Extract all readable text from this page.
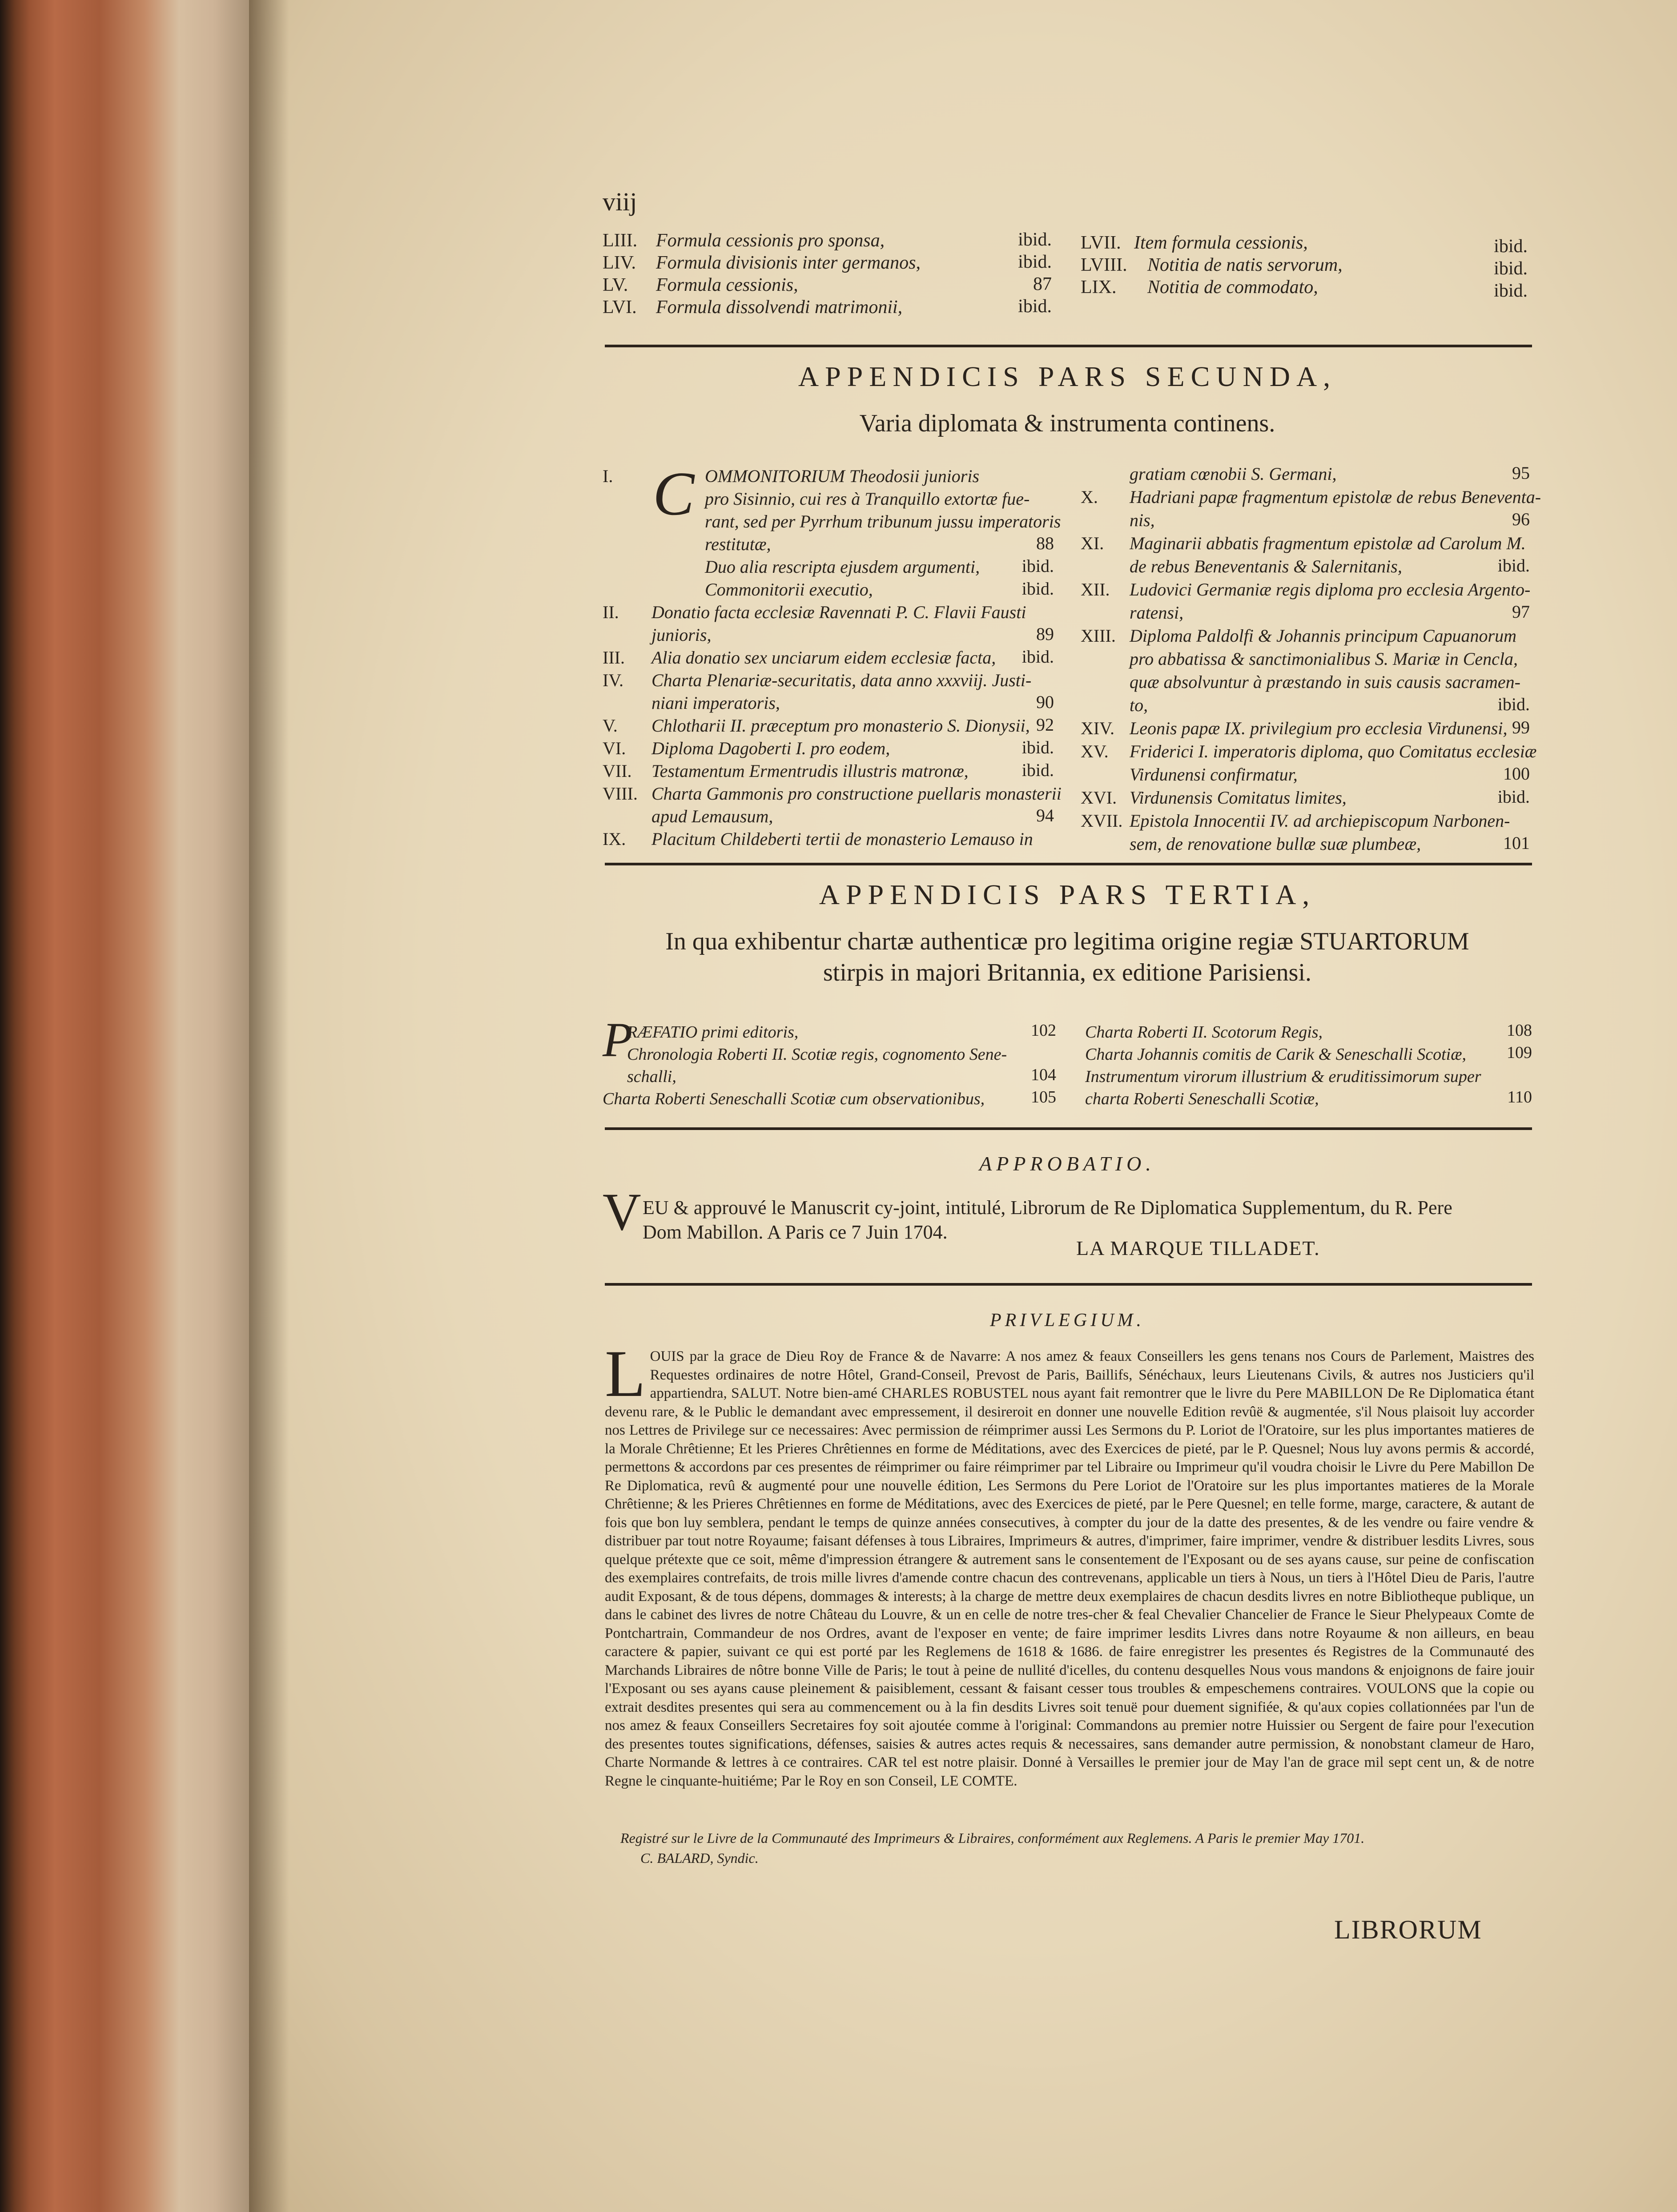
viij
LIII. Formula cessionis pro sponsa,	ibid.
LIV. Formula divisionis inter germanos,	ibid.
LV. Formula cessionis,	87
LVI. Formula dissolvendi matrimonii,	ibid.
LVII. Item formula cessionis,	ibid.
LVIII. Notitia de natis servorum,	ibid.
LIX. Notitia de commodato,	ibid.
APPENDICIS PARS SECUNDA,
Varia diplomata & instrumenta continens.
I.	OMMONITORIUM Theodosii junioris
pro Sisinnio, cui res à Tranquillo extortæ fue-
rant, sed per Pyrrhum tribunum jussu imperatoris
restitutæ,	88
Duo alia rescripta ejusdem argumenti,	ibid.
Commonitorii executio,	ibid.
II. Donatio facta ecclesiæ Ravennati P. C. Flavii Fausti
junioris,	89
III. Alia donatio sex unciarum eidem ecclesiæ facta,	ibid.
IV. Charta Plenariæ-securitatis, data anno xxxviij. Justi-
niani imperatoris,	90
V. Chlotharii II. præceptum pro monasterio S. Dionysii, 92
VI. Diploma Dagoberti I. pro eodem,	ibid.
VII. Testamentum Ermentrudis illustris matronæ,	ibid.
VIII. Charta Gammonis pro constructione puellaris monasterii
apud Lemausum,	94
IX. Placitum Childeberti tertii de monasterio Lemauso in
gratiam cœnobii S. Germani,	95
X. Hadriani papæ fragmentum epistolæ de rebus Beneventa-
nis,	96
XI. Maginarii abbatis fragmentum epistolæ ad Carolum M.
de rebus Beneventanis & Salernitanis,	ibid.
XII. Ludovici Germaniæ regis diploma pro ecclesia Argento-
ratensi,	97
XIII. Diploma Paldolfi & Johannis principum Capuanorum
pro abbatissa & sanctimonialibus S. Mariæ in Cencla,
quæ absolvuntur à præstando in suis causis sacramen-
to,	ibid.
XIV. Leonis papæ IX. privilegium pro ecclesia Virdunensi, 99
XV. Friderici I. imperatoris diploma, quo Comitatus ecclesiæ
Virdunensi confirmatur,	100
XVI. Virdunensis Comitatus limites,	ibid.
XVII. Epistola Innocentii IV. ad archiepiscopum Narbonen-
sem, de renovatione bullæ suæ plumbeæ,	101
C
APPENDICIS PARS TERTIA,
In qua exhibentur chartæ authenticæ pro legitima origine regiæ STUARTORUM
stirpis in majori Britannia, ex editione Parisiensi.
P
RÆFATIO primi editoris,	102
Chronologia Roberti II. Scotiæ regis, cognomento Sene-
schalli,	104
Charta Roberti Seneschalli Scotiæ cum observationibus,	105
Charta Roberti II. Scotorum Regis,	108
Charta Johannis comitis de Carik & Seneschalli Scotiæ,	109
Instrumentum virorum illustrium & eruditissimorum super
charta Roberti Seneschalli Scotiæ,	110
APPROBATIO.
V EU & approuvé le Manuscrit cy-joint, intitulé, Librorum de Re Diplomatica Supplementum, du R. Pere
Dom Mabillon. A Paris ce 7 Juin 1704.
LA MARQUE TILLADET.
PRIVLEGIUM.
L OUIS par la grace de Dieu Roy de France & de Navarre: A nos amez & feaux Conseillers les gens tenans nos Cours de Parlement, Maistres des Requestes ordinaires de notre Hôtel, Grand-Conseil, Prevost de Paris, Baillifs, Sénéchaux, leurs Lieutenans Civils, & autres nos Justiciers qu'il appartiendra, SALUT. Notre bien-amé CHARLES ROBUSTEL nous ayant fait remontrer que le livre du Pere MABILLON De Re Diplomatica étant devenu rare, & le Public le demandant avec empressement, il desireroit en donner une nouvelle Edition revûë & augmentée, s'il Nous plaisoit luy accorder nos Lettres de Privilege sur ce necessaires: Avec permission de réimprimer aussi Les Sermons du P. Loriot de l'Oratoire, sur les plus importantes matieres de la Morale Chrêtienne; Et les Prieres Chrêtiennes en forme de Méditations, avec des Exercices de pieté, par le P. Quesnel; Nous luy avons permis & accordé, permettons & accordons par ces presentes de réimprimer ou faire réimprimer par tel Libraire ou Imprimeur qu'il voudra choisir le Livre du Pere Mabillon De Re Diplomatica, revû & augmenté pour une nouvelle édition, Les Sermons du Pere Loriot de l'Oratoire sur les plus importantes matieres de la Morale Chrêtienne; & les Prieres Chrêtiennes en forme de Méditations, avec des Exercices de pieté, par le Pere Quesnel; en telle forme, marge, caractere, & autant de fois que bon luy semblera, pendant le temps de quinze années consecutives, à compter du jour de la datte des presentes, & de les vendre ou faire vendre & distribuer par tout notre Royaume; faisant défenses à tous Libraires, Imprimeurs & autres, d'imprimer, faire imprimer, vendre & distribuer lesdits Livres, sous quelque prétexte que ce soit, même d'impression étrangere & autrement sans le consentement de l'Exposant ou de ses ayans cause, sur peine de confiscation des exemplaires contrefaits, de trois mille livres d'amende contre chacun des contrevenans, applicable un tiers à Nous, un tiers à l'Hôtel Dieu de Paris, l'autre audit Exposant, & de tous dépens, dommages & interests; à la charge de mettre deux exemplaires de chacun desdits livres en notre Bibliotheque publique, un dans le cabinet des livres de notre Château du Louvre, & un en celle de notre tres-cher & feal Chevalier Chancelier de France le Sieur Phelypeaux Comte de Pontchartrain, Commandeur de nos Ordres, avant de l'exposer en vente; de faire imprimer lesdits Livres dans notre Royaume & non ailleurs, en beau caractere & papier, suivant ce qui est porté par les Reglemens de 1618 & 1686. de faire enregistrer les presentes és Registres de la Communauté des Marchands Libraires de nôtre bonne Ville de Paris; le tout à peine de nullité d'icelles, du contenu desquelles Nous vous mandons & enjoignons de faire jouir l'Exposant ou ses ayans cause pleinement & paisiblement, cessant & faisant cesser tous troubles & empeschemens contraires. VOULONS que la copie ou extrait desdites presentes qui sera au commencement ou à la fin desdits Livres soit tenuë pour duement signifiée, & qu'aux copies collationnées par l'un de nos amez & feaux Conseillers Secretaires foy soit ajoutée comme à l'original: Commandons au premier notre Huissier ou Sergent de faire pour l'execution des presentes toutes significations, défenses, saisies & autres actes requis & necessaires, sans demander autre permission, & nonobstant clameur de Haro, Charte Normande & lettres à ce contraires. CAR tel est notre plaisir. Donné à Versailles le premier jour de May l'an de grace mil sept cent un, & de notre Regne le cinquante-huitiéme; Par le Roy en son Conseil, LE COMTE.

Registré sur le Livre de la Communauté des Imprimeurs & Libraires, conformément aux Reglemens. A Paris le premier May 1701.
C. BALARD, Syndic.
LIBRORUM
